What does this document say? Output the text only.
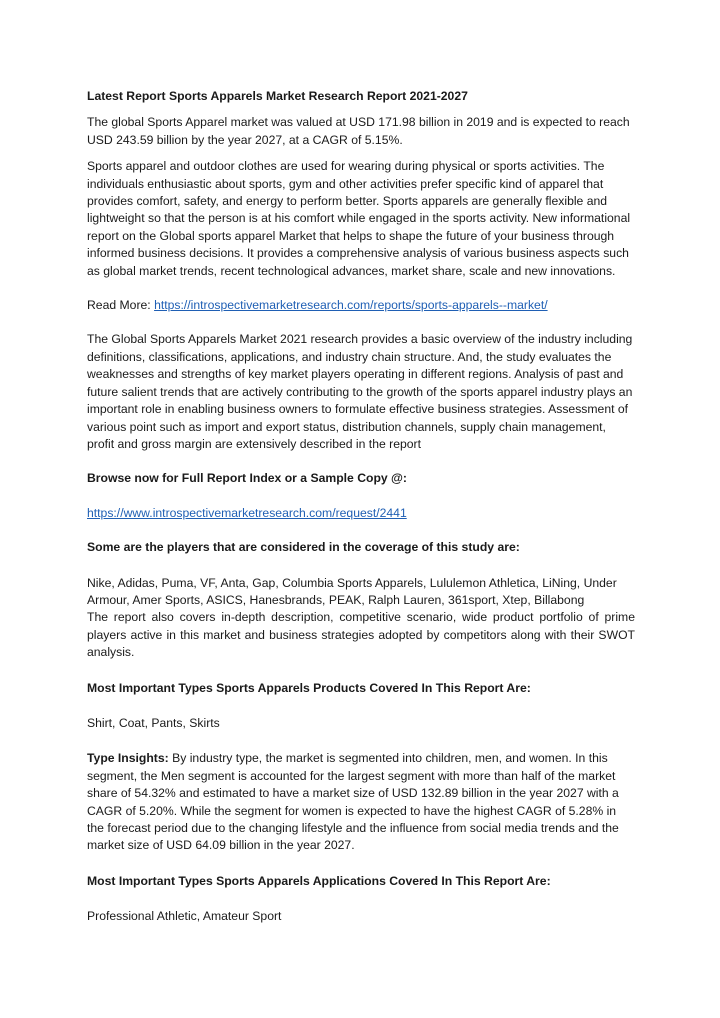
Latest Report Sports Apparels Market Research Report 2021-2027

The global Sports Apparel market was valued at USD 171.98 billion in 2019 and is expected to reach USD 243.59 billion by the year 2027, at a CAGR of 5.15%.

Sports apparel and outdoor clothes are used for wearing during physical or sports activities. The individuals enthusiastic about sports, gym and other activities prefer specific kind of apparel that provides comfort, safety, and energy to perform better. Sports apparels are generally flexible and lightweight so that the person is at his comfort while engaged in the sports activity. New informational report on the Global sports apparel Market that helps to shape the future of your business through informed business decisions. It provides a comprehensive analysis of various business aspects such as global market trends, recent technological advances, market share, scale and new innovations.

Read More: https://introspectivemarketresearch.com/reports/sports-apparels--market/

The Global Sports Apparels Market 2021 research provides a basic overview of the industry including definitions, classifications, applications, and industry chain structure. And, the study evaluates the weaknesses and strengths of key market players operating in different regions. Analysis of past and future salient trends that are actively contributing to the growth of the sports apparel industry plays an important role in enabling business owners to formulate effective business strategies. Assessment of various point such as import and export status, distribution channels, supply chain management, profit and gross margin are extensively described in the report

Browse now for Full Report Index or a Sample Copy @:

https://www.introspectivemarketresearch.com/request/2441

Some are the players that are considered in the coverage of this study are:

Nike, Adidas, Puma, VF, Anta, Gap, Columbia Sports Apparels, Lululemon Athletica, LiNing, Under Armour, Amer Sports, ASICS, Hanesbrands, PEAK, Ralph Lauren, 361sport, Xtep, Billabong

The report also covers in-depth description, competitive scenario, wide product portfolio of prime players active in this market and business strategies adopted by competitors along with their SWOT analysis.

Most Important Types Sports Apparels Products Covered In This Report Are:

Shirt, Coat, Pants, Skirts

Type Insights: By industry type, the market is segmented into children, men, and women. In this segment, the Men segment is accounted for the largest segment with more than half of the market share of 54.32% and estimated to have a market size of USD 132.89 billion in the year 2027 with a CAGR of 5.20%. While the segment for women is expected to have the highest CAGR of 5.28% in the forecast period due to the changing lifestyle and the influence from social media trends and the market size of USD 64.09 billion in the year 2027.

Most Important Types Sports Apparels Applications Covered In This Report Are:

Professional Athletic, Amateur Sport
